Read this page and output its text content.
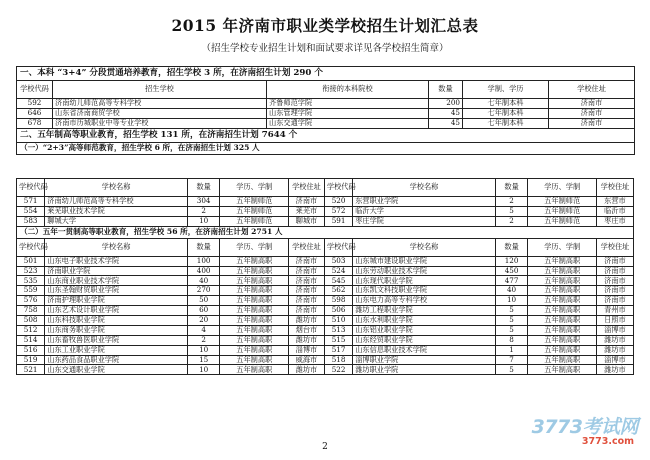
2015 年济南市职业类学校招生计划汇总表
（招生学校专业招生计划和面试要求详见各学校招生简章）
一、本科 “3+4” 分段贯通培养教育，招生学校 3 所，在济南招生计划 290 个					
学校代码	招生学校	衔接的本科院校	数量	学制、学历	学校住址
592	济南幼儿师范高等专科学校	齐鲁师范学院	200	七年制本科	济南市
646	山东省济南商贸学校	山东管理学院	45	七年制本科	济南市
678	济南市历城职业中等专业学校	山东交通学院	45	七年制本科	济南市
二、五年制高等职业教育，招生学校 131 所，在济南招生计划 7644 个					
（一）“2+3”高等师范教育，招生学校 6 所，在济南招生计划 325 人					
学校代码	学校名称	数量	学历、学制	学校住址	学校代码	学校名称	数量	学历、学制	学校住址
571	济南幼儿师范高等专科学校	304	五年制师范	济南市	520	东营职业学院	2	五年制师范	东营市
554	莱芜职业技术学院	2	五年制师范	莱芜市	572	临沂大学	5	五年制师范	临沂市
583	聊城大学	10	五年制师范	聊城市	591	枣庄学院	2	五年制师范	枣庄市
（二）五年一贯制高等职业教育，招生学校 56 所，在济南招生计划 2751 人									
学校代码	学校名称	数量	学历、学制	学校住址	学校代码	学校名称	数量	学历、学制	学校住址
501	山东电子职业技术学院	100	五年制高职	济南市	503	山东城市建设职业学院	120	五年制高职	济南市
523	济南职业学院	400	五年制高职	济南市	524	山东劳动职业技术学院	450	五年制高职	济南市
535	山东商业职业技术学院	40	五年制高职	济南市	545	山东现代职业学院	477	五年制高职	济南市
559	山东圣翰财贸职业学院	270	五年制高职	济南市	562	山东凯文科技职业学院	40	五年制高职	济南市
576	济南护理职业学院	50	五年制高职	济南市	598	山东电力高等专科学校	10	五年制高职	济南市
758	山东艺术设计职业学院	60	五年制高职	济南市	506	潍坊工程职业学院	5	五年制高职	青州市
508	山东科技职业学院	20	五年制高职	潍坊市	510	山东水利职业学院	5	五年制高职	日照市
512	山东商务职业学院	4	五年制高职	烟台市	513	山东铝业职业学院	5	五年制高职	淄博市
514	山东畜牧兽医职业学院	2	五年制高职	潍坊市	515	山东经贸职业学院	8	五年制高职	潍坊市
516	山东工业职业学院	10	五年制高职	淄博市	517	山东信息职业技术学院	1	五年制高职	潍坊市
519	山东药品食品职业学院	15	五年制高职	威海市	518	淄博职业学院	7	五年制高职	淄博市
521	山东交通职业学院	10	五年制高职	潍坊市	522	潍坊职业学院	5	五年制高职	潍坊市
2
3773考试网
3773.com
